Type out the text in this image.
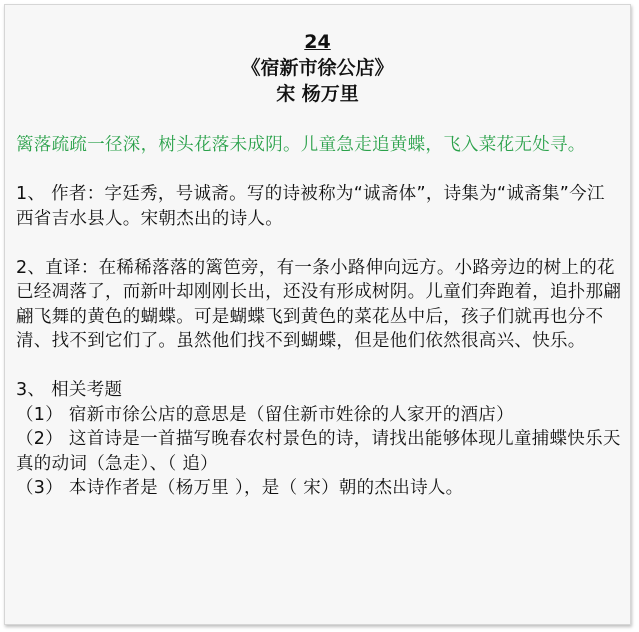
24
《宿新市徐公店》
宋 杨万里

篱落疏疏一径深，树头花落未成阴。儿童急走追黄蝶，飞入菜花无处寻。

1、 作者：字廷秀，号诚斋。写的诗被称为“诚斋体”，诗集为“诚斋集”今江西省吉水县人。宋朝杰出的诗人。

2、直译：在稀稀落落的篱笆旁，有一条小路伸向远方。小路旁边的树上的花已经凋落了，而新叶却刚刚长出，还没有形成树阴。儿童们奔跑着，追扑那翩翩飞舞的黄色的蝴蝶。可是蝴蝶飞到黄色的菜花丛中后，孩子们就再也分不清、找不到它们了。虽然他们找不到蝴蝶，但是他们依然很高兴、快乐。

3、 相关考题

（1） 宿新市徐公店的意思是（留住新市姓徐的人家开的酒店）

（2） 这首诗是一首描写晚春农村景色的诗，请找出能够体现儿童捕蝶快乐天真的动词（急走）、（ 追）

（3） 本诗作者是（杨万里 ），是（ 宋）朝的杰出诗人。
